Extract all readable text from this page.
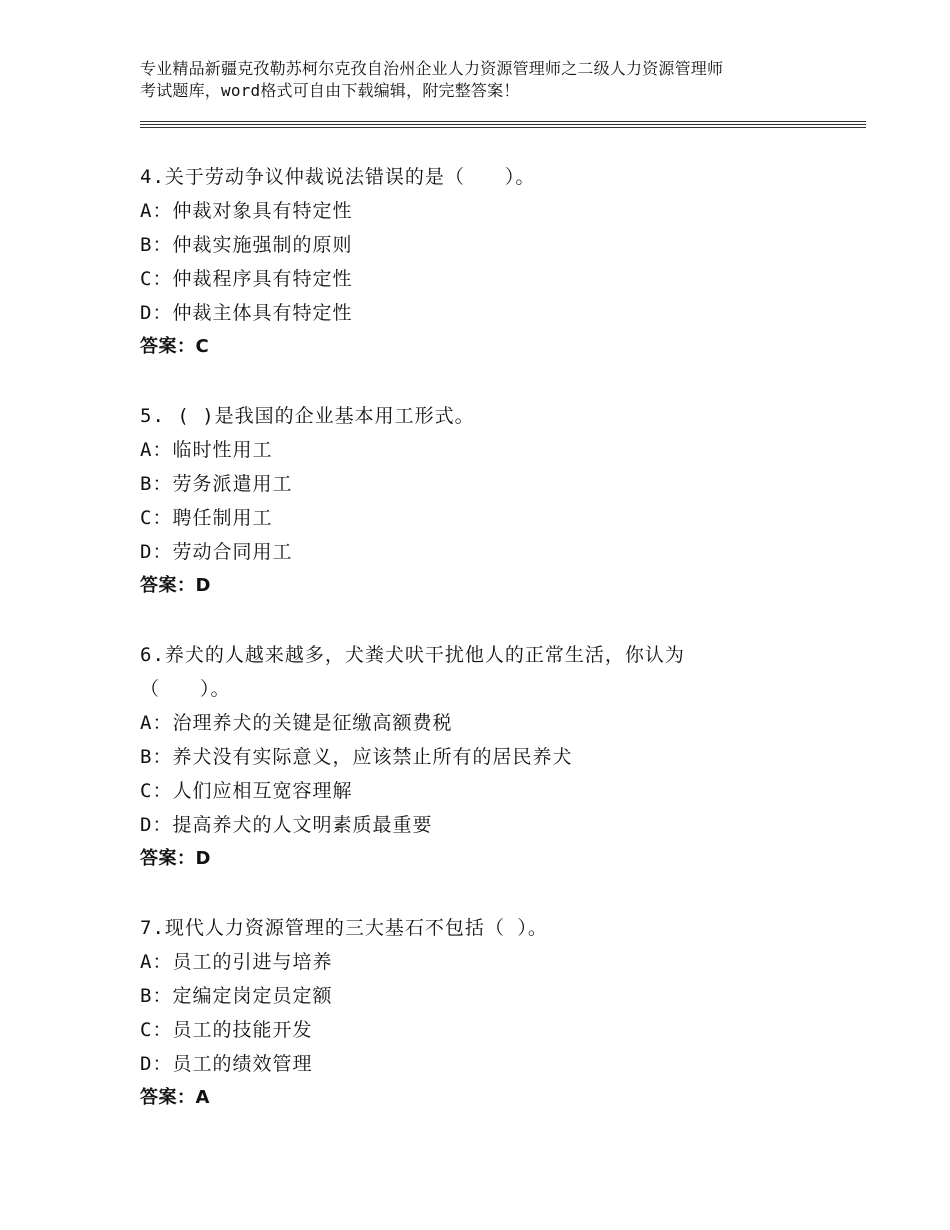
专业精品新疆克孜勒苏柯尔克孜自治州企业人力资源管理师之二级人力资源管理师
考试题库，word格式可自由下载编辑，附完整答案！
4.关于劳动争议仲裁说法错误的是（　　）。
A：仲裁对象具有特定性
B：仲裁实施强制的原则
C：仲裁程序具有特定性
D：仲裁主体具有特定性
答案：C
5. ( )是我国的企业基本用工形式。
A：临时性用工
B：劳务派遣用工
C：聘任制用工
D：劳动合同用工
答案：D
6.养犬的人越来越多，犬粪犬吠干扰他人的正常生活，你认为
（　　）。
A：治理养犬的关键是征缴高额费税
B：养犬没有实际意义，应该禁止所有的居民养犬
C：人们应相互宽容理解
D：提高养犬的人文明素质最重要
答案：D
7.现代人力资源管理的三大基石不包括（ ）。
A：员工的引进与培养
B：定编定岗定员定额
C：员工的技能开发
D：员工的绩效管理
答案：A
